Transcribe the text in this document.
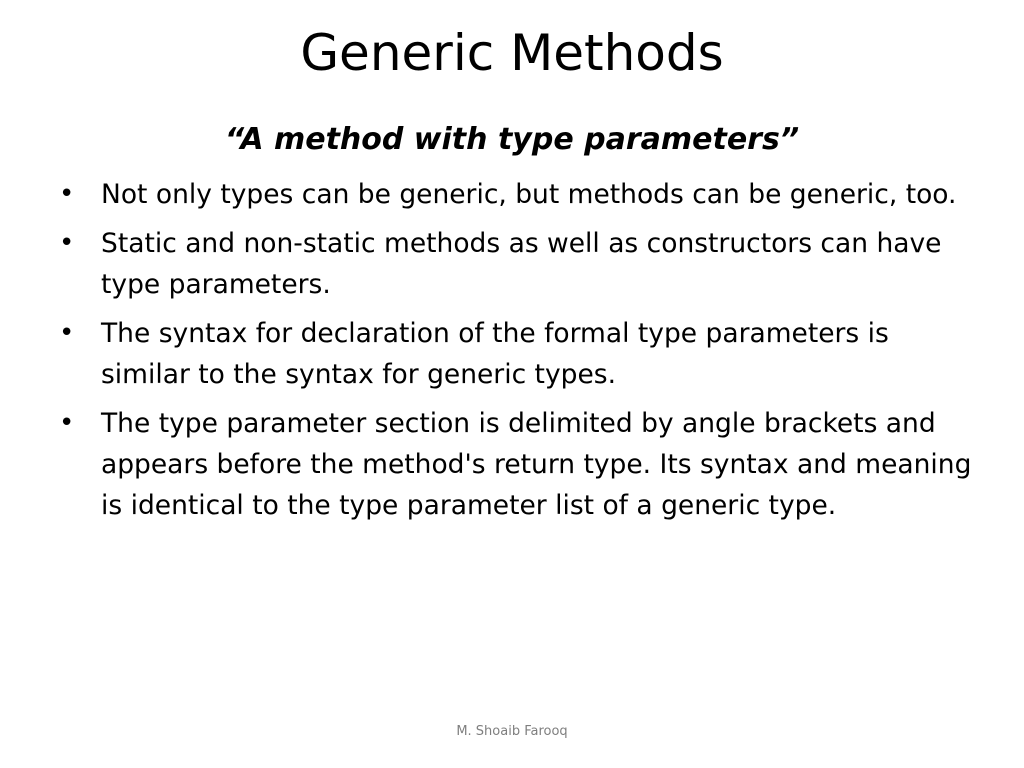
Generic Methods
“A method with type parameters”
• Not only types can be generic, but methods can be generic, too.
• Static and non-static methods as well as constructors can have type parameters.
• The syntax for declaration of the formal type parameters is similar to the syntax for generic types.
• The type parameter section is delimited by angle brackets and appears before the method's return type. Its syntax and meaning is identical to the type parameter list of a generic type.
M. Shoaib Farooq
